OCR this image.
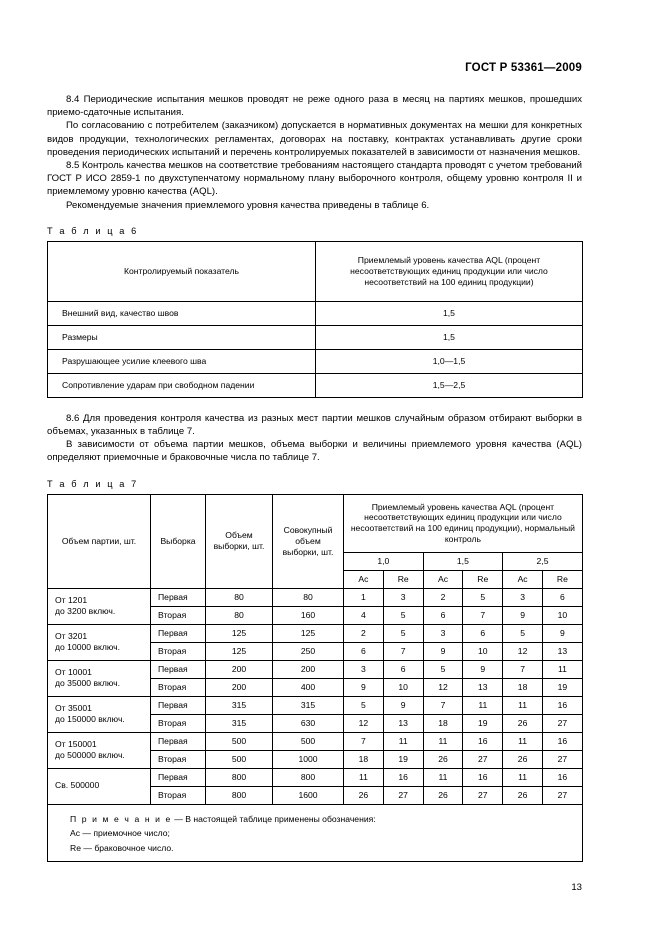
ГОСТ Р 53361—2009

8.4 Периодические испытания мешков проводят не реже одного раза в месяц на партиях мешков, прошедших приемо-сдаточные испытания.

По согласованию с потребителем (заказчиком) допускается в нормативных документах на мешки для конкретных видов продукции, технологических регламентах, договорах на поставку, контрактах устанавливать другие сроки проведения периодических испытаний и перечень контролируемых показателей в зависимости от назначения мешков.

8.5 Контроль качества мешков на соответствие требованиям настоящего стандарта проводят с учетом требований ГОСТ Р ИСО 2859-1 по двухступенчатому нормальному плану выборочного контроля, общему уровню контроля II и приемлемому уровню качества (AQL).

Рекомендуемые значения приемлемого уровня качества приведены в таблице 6.

Т а б л и ц а 6
Контролируемый показатель	Приемлемый уровень качества AQL (процент несоответствующих единиц продукции или число несоответствий на 100 единиц продукции)
Внешний вид, качество швов	1,5
Размеры	1,5
Разрушающее усилие клеевого шва	1,0—1,5
Сопротивление ударам при свободном падении	1,5—2,5

8.6 Для проведения контроля качества из разных мест партии мешков случайным образом отбирают выборки в объемах, указанных в таблице 7.

В зависимости от объема партии мешков, объема выборки и величины приемлемого уровня качества (AQL) определяют приемочные и браковочные числа по таблице 7.

Т а б л и ц а 7
Объем партии, шт.	Выборка	Объем выборки, шт.	Совокупный объем выборки, шт.	Приемлемый уровень качества AQL (процент несоответствующих единиц продукции или число несоответствий на 100 единиц продукции), нормальный контроль					
				1,0		1,5		2,5	
				Ac	Re	Ac	Re	Ac	Re

От 1201
до 3200 включ.	Первая	80	80	1	3	2	5	3	6
	Вторая	80	160	4	5	6	7	9	10

От 3201
до 10000 включ.	Первая	125	125	2	5	3	6	5	9
	Вторая	125	250	6	7	9	10	12	13

От 10001
до 35000 включ.	Первая	200	200	3	6	5	9	7	11
	Вторая	200	400	9	10	12	13	18	19

От 35001
до 150000 включ.	Первая	315	315	5	9	7	11	11	16
	Вторая	315	630	12	13	18	19	26	27

От 150001
до 500000 включ.	Первая	500	500	7	11	11	16	11	16
	Вторая	500	1000	18	19	26	27	26	27

Св. 500000	Первая	800	800	11	16	11	16	11	16
	Вторая	800	1600	26	27	26	27	26	27

П р и м е ч а н и е — В настоящей таблице применены обозначения:
Ac — приемочное число;
Re — браковочное число.									
13
